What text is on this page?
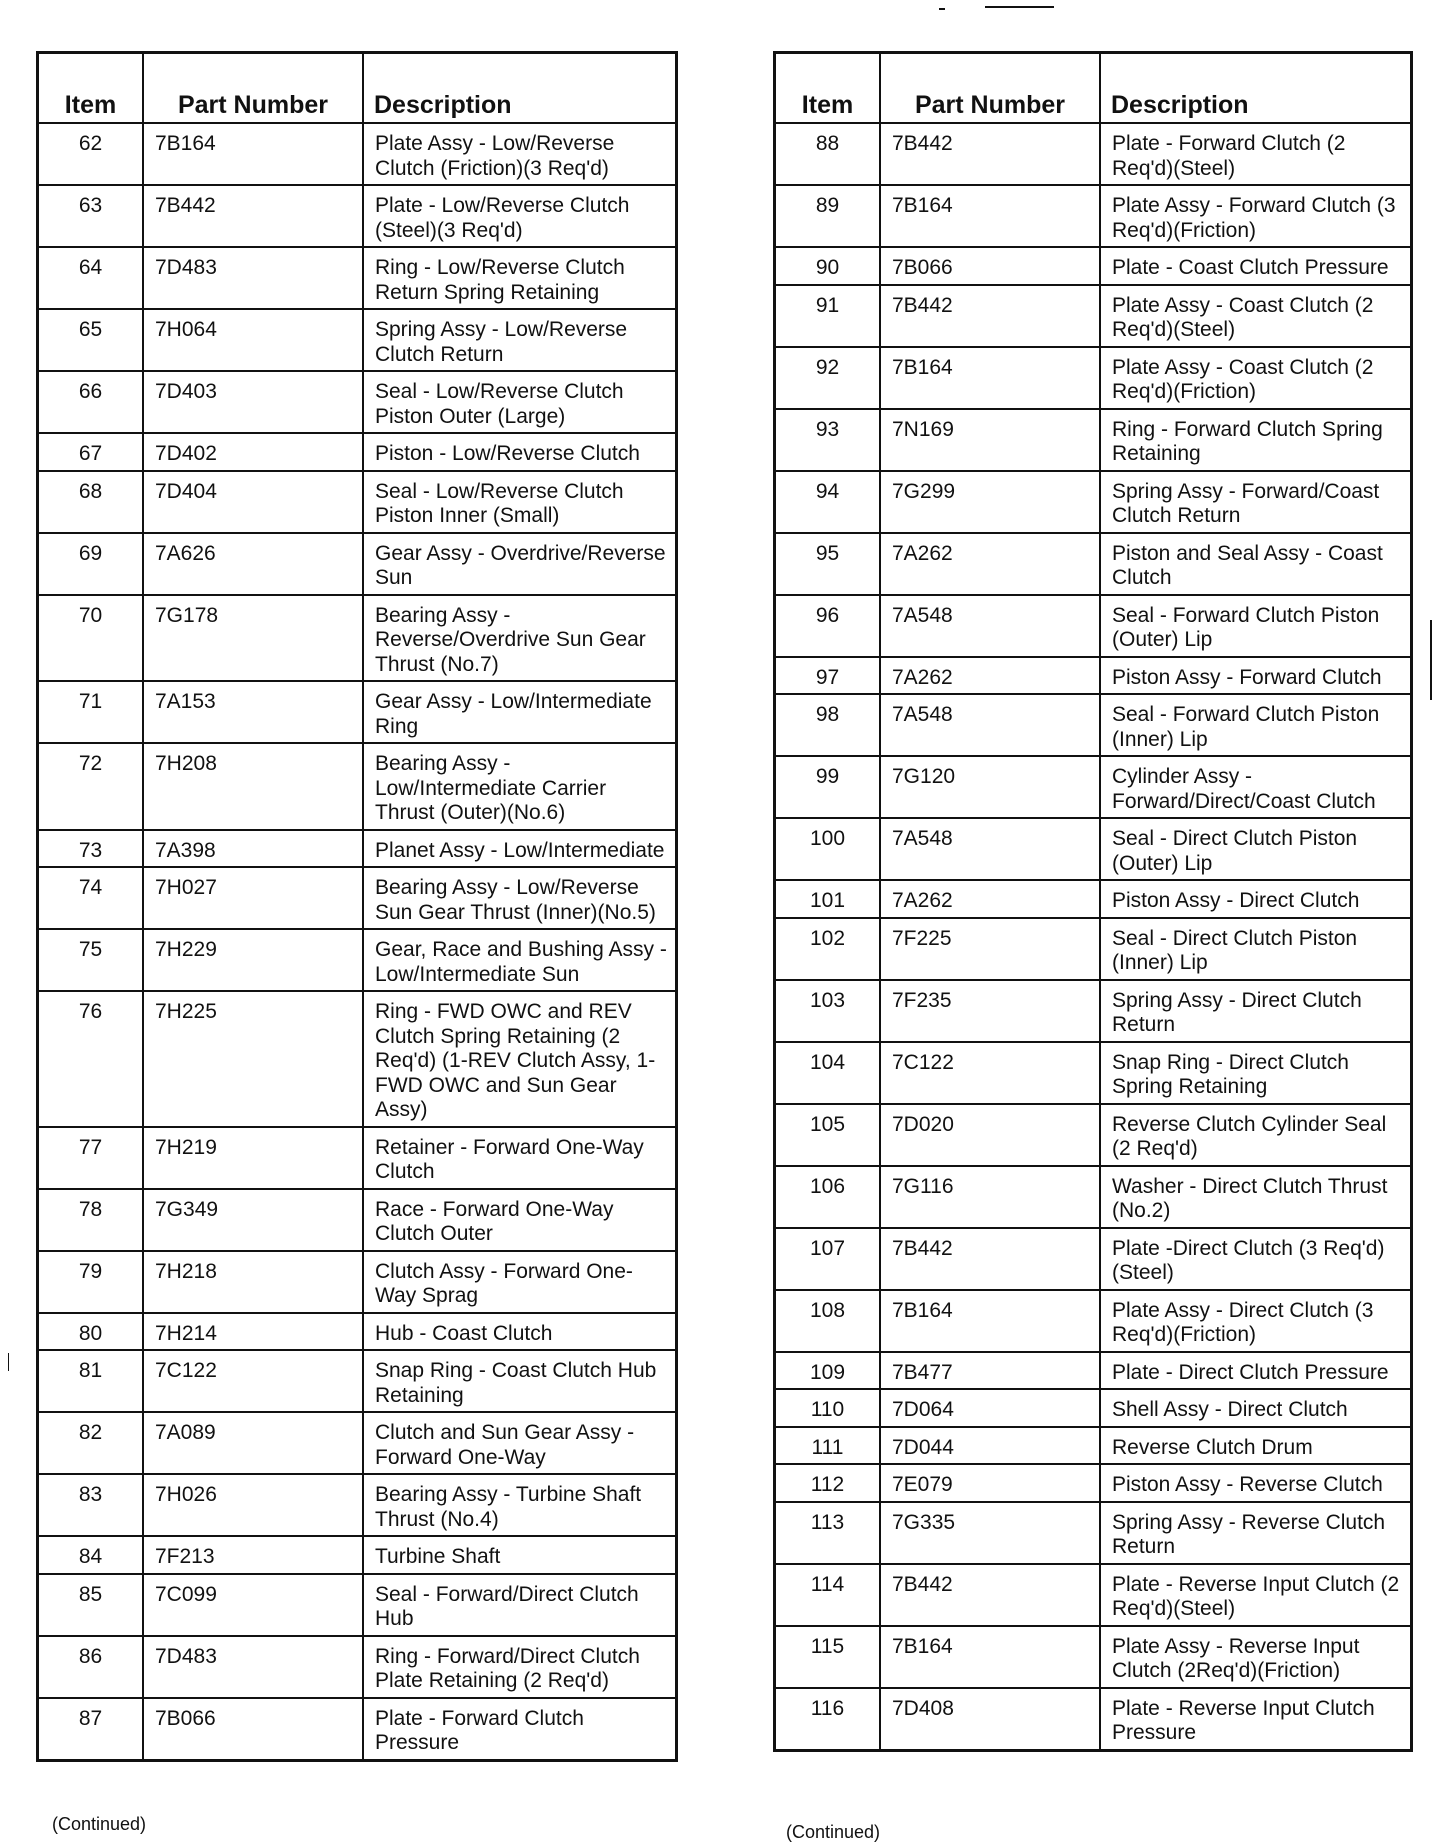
Item	Part Number	Description
62	7B164	Plate Assy - Low/Reverse Clutch (Friction)(3 Req'd)
63	7B442	Plate - Low/Reverse Clutch (Steel)(3 Req'd)
64	7D483	Ring - Low/Reverse Clutch Return Spring Retaining
65	7H064	Spring Assy - Low/Reverse Clutch Return
66	7D403	Seal - Low/Reverse Clutch Piston Outer (Large)
67	7D402	Piston - Low/Reverse Clutch
68	7D404	Seal - Low/Reverse Clutch Piston Inner (Small)
69	7A626	Gear Assy - Overdrive/Reverse Sun
70	7G178	Bearing Assy - Reverse/Overdrive Sun Gear Thrust (No.7)
71	7A153	Gear Assy - Low/Intermediate Ring
72	7H208	Bearing Assy - Low/Intermediate Carrier Thrust (Outer)(No.6)
73	7A398	Planet Assy - Low/Intermediate
74	7H027	Bearing Assy - Low/Reverse Sun Gear Thrust (Inner)(No.5)
75	7H229	Gear, Race and Bushing Assy - Low/Intermediate Sun
76	7H225	Ring - FWD OWC and REV Clutch Spring Retaining (2 Req'd) (1-REV Clutch Assy, 1-FWD OWC and Sun Gear Assy)
77	7H219	Retainer - Forward One-Way Clutch
78	7G349	Race - Forward One-Way Clutch Outer
79	7H218	Clutch Assy - Forward One-Way Sprag
80	7H214	Hub - Coast Clutch
81	7C122	Snap Ring - Coast Clutch Hub Retaining
82	7A089	Clutch and Sun Gear Assy - Forward One-Way
83	7H026	Bearing Assy - Turbine Shaft Thrust (No.4)
84	7F213	Turbine Shaft
85	7C099	Seal - Forward/Direct Clutch Hub
86	7D483	Ring - Forward/Direct Clutch Plate Retaining (2 Req'd)
87	7B066	Plate - Forward Clutch Pressure
(Continued)
Item	Part Number	Description
88	7B442	Plate - Forward Clutch (2 Req'd)(Steel)
89	7B164	Plate Assy - Forward Clutch (3 Req'd)(Friction)
90	7B066	Plate - Coast Clutch Pressure
91	7B442	Plate Assy - Coast Clutch (2 Req'd)(Steel)
92	7B164	Plate Assy - Coast Clutch (2 Req'd)(Friction)
93	7N169	Ring - Forward Clutch Spring Retaining
94	7G299	Spring Assy - Forward/Coast Clutch Return
95	7A262	Piston and Seal Assy - Coast Clutch
96	7A548	Seal - Forward Clutch Piston (Outer) Lip
97	7A262	Piston Assy - Forward Clutch
98	7A548	Seal - Forward Clutch Piston (Inner) Lip
99	7G120	Cylinder Assy - Forward/Direct/Coast Clutch
100	7A548	Seal - Direct Clutch Piston (Outer) Lip
101	7A262	Piston Assy - Direct Clutch
102	7F225	Seal - Direct Clutch Piston (Inner) Lip
103	7F235	Spring Assy - Direct Clutch Return
104	7C122	Snap Ring - Direct Clutch Spring Retaining
105	7D020	Reverse Clutch Cylinder Seal (2 Req'd)
106	7G116	Washer - Direct Clutch Thrust (No.2)
107	7B442	Plate -Direct Clutch (3 Req'd)(Steel)
108	7B164	Plate Assy - Direct Clutch (3 Req'd)(Friction)
109	7B477	Plate - Direct Clutch Pressure
110	7D064	Shell Assy - Direct Clutch
111	7D044	Reverse Clutch Drum
112	7E079	Piston Assy - Reverse Clutch
113	7G335	Spring Assy - Reverse Clutch Return
114	7B442	Plate - Reverse Input Clutch (2 Req'd)(Steel)
115	7B164	Plate Assy - Reverse Input Clutch (2Req'd)(Friction)
116	7D408	Plate - Reverse Input Clutch Pressure
(Continued)
